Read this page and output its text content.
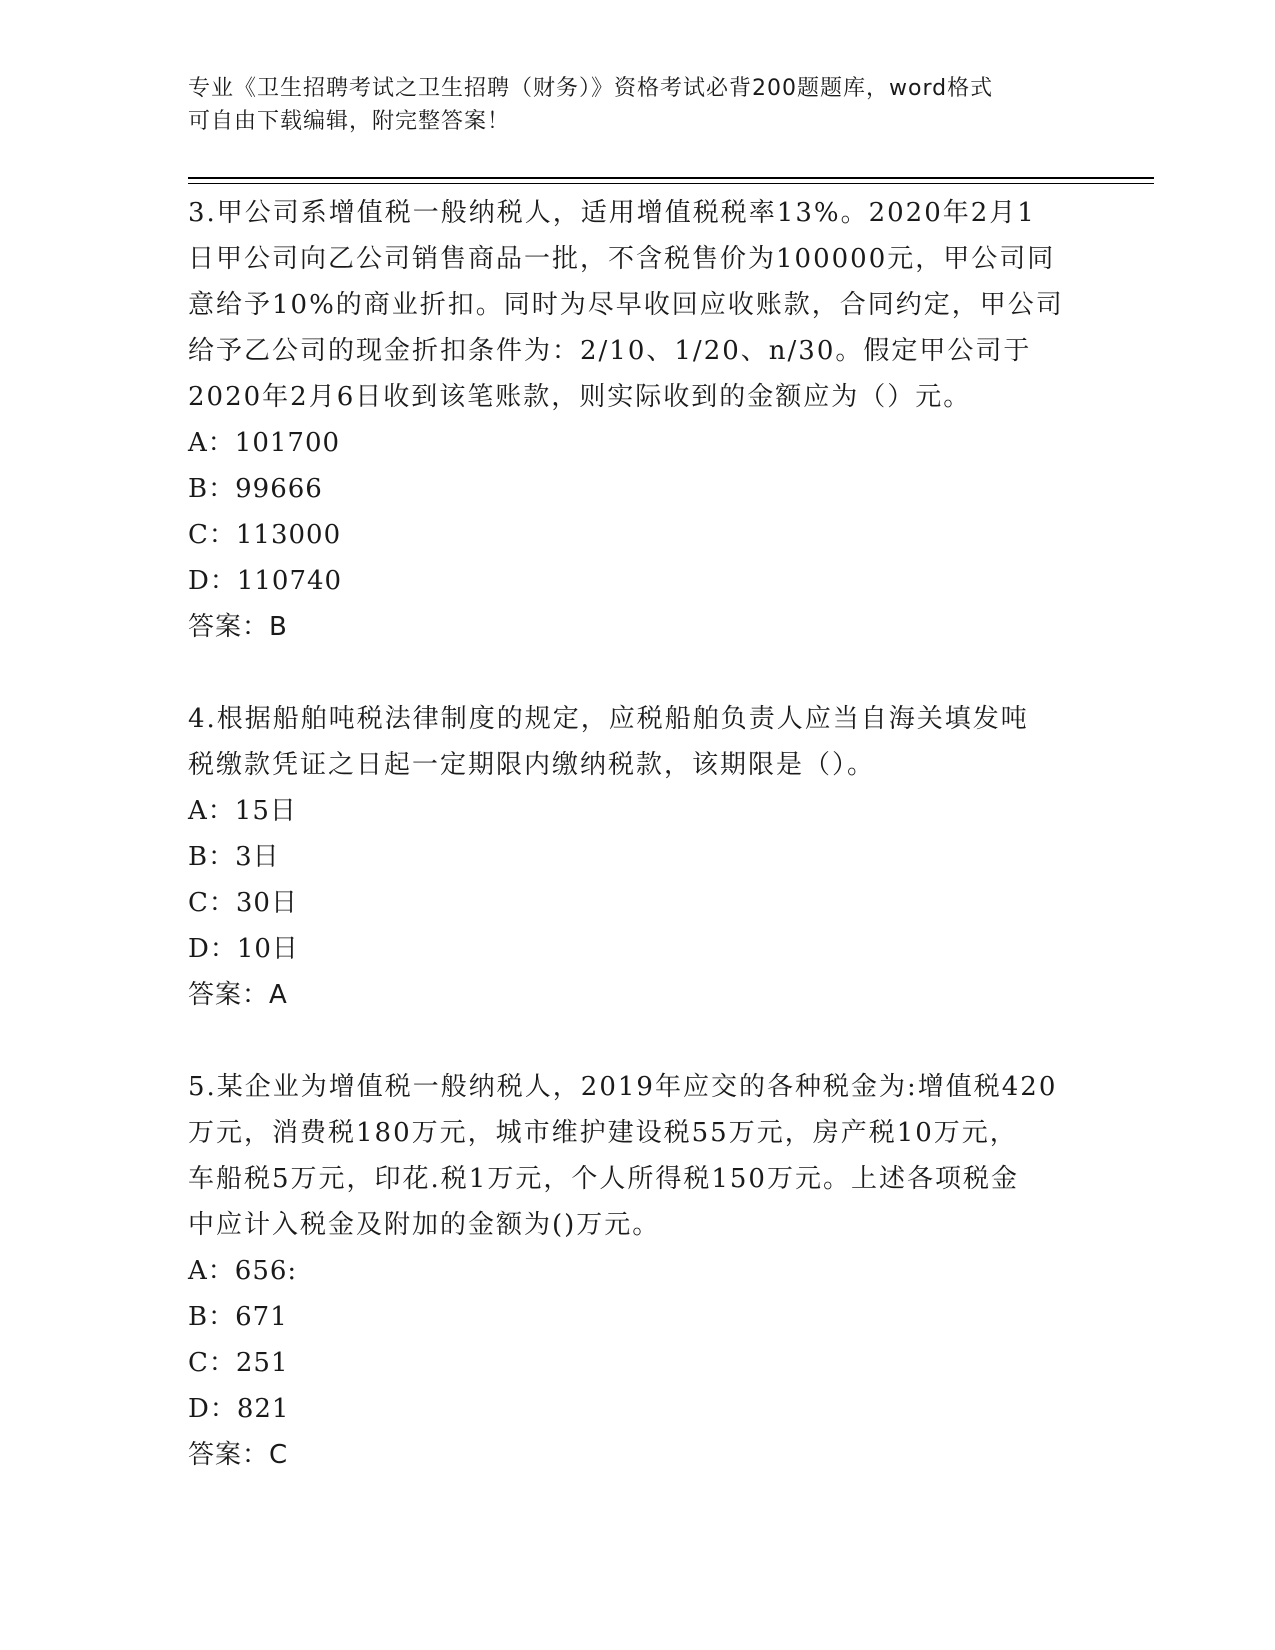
专业《卫生招聘考试之卫生招聘（财务）》资格考试必背200题题库，word格式
可自由下载编辑，附完整答案！
3.甲公司系增值税一般纳税人，适用增值税税率13%。2020年2月1
日甲公司向乙公司销售商品一批，不含税售价为100000元，甲公司同
意给予10%的商业折扣。同时为尽早收回应收账款，合同约定，甲公司
给予乙公司的现金折扣条件为：2/10、1/20、n/30。假定甲公司于
2020年2月6日收到该笔账款，则实际收到的金额应为（）元。
A：101700
B：99666
C：113000
D：110740
答案：B
4.根据船舶吨税法律制度的规定，应税船舶负责人应当自海关填发吨
税缴款凭证之日起一定期限内缴纳税款，该期限是（）。
A：15日
B：3日
C：30日
D：10日
答案：A
5.某企业为增值税一般纳税人，2019年应交的各种税金为:增值税420
万元，消费税180万元，城市维护建设税55万元，房产税10万元，
车船税5万元，印花.税1万元，个人所得税150万元。上述各项税金
中应计入税金及附加的金额为()万元。
A：656:
B：671
C：251
D：821
答案：C
